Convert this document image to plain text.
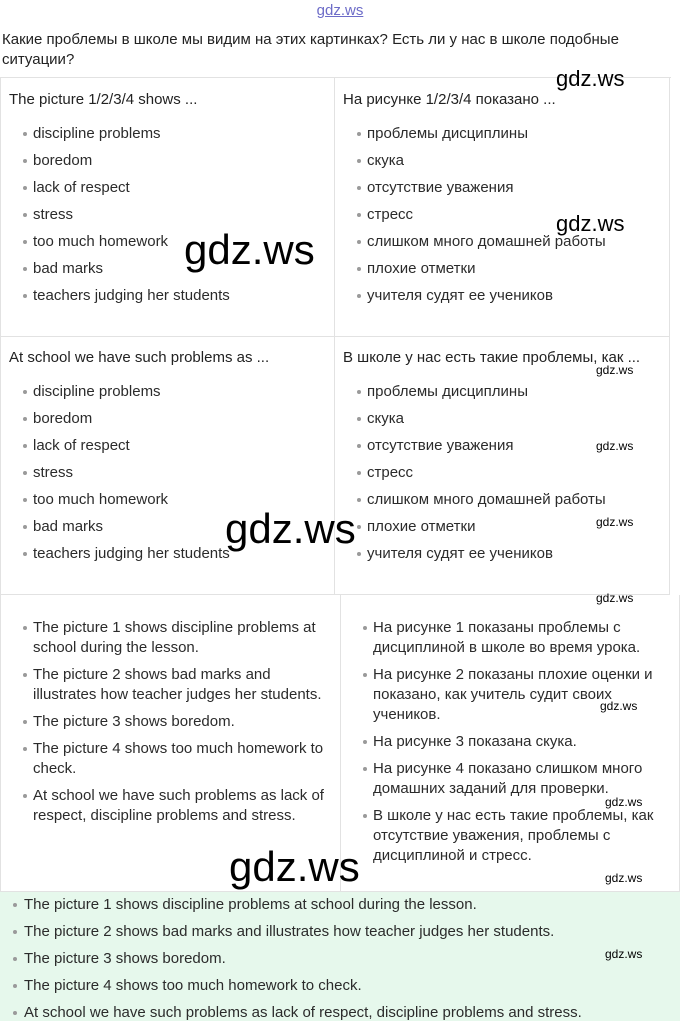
gdz.ws
Какие проблемы в школе мы видим на этих картинках? Есть ли у нас в школе подобные ситуации?
The picture 1/2/3/4 shows ...
discipline problems
boredom
lack of respect
stress
too much homework
bad marks
teachers judging her students
На рисунке 1/2/3/4 показано ...
проблемы дисциплины
скука
отсутствие уважения
стресс
слишком много домашней работы
плохие отметки
учителя судят ее учеников
At school we have such problems as ...
discipline problems
boredom
lack of respect
stress
too much homework
bad marks
teachers judging her students
В школе у нас есть такие проблемы, как ...
проблемы дисциплины
скука
отсутствие уважения
стресс
слишком много домашней работы
плохие отметки
учителя судят ее учеников
The picture 1 shows discipline problems at school during the lesson.
The picture 2 shows bad marks and illustrates how teacher judges her students.
The picture 3 shows boredom.
The picture 4 shows too much homework to check.
At school we have such problems as lack of respect, discipline problems and stress.
На рисунке 1 показаны проблемы с дисциплиной в школе во время урока.
На рисунке 2 показаны плохие оценки и показано, как учитель судит своих учеников.
На рисунке 3 показана скука.
На рисунке 4 показано слишком много домашних заданий для проверки.
В школе у нас есть такие проблемы, как отсутствие уважения, проблемы с дисциплиной и стресс.
The picture 1 shows discipline problems at school during the lesson.
The picture 2 shows bad marks and illustrates how teacher judges her students.
The picture 3 shows boredom.
The picture 4 shows too much homework to check.
At school we have such problems as lack of respect, discipline problems and stress.
gdz.ws
gdz.ws
gdz.ws
gdz.ws
gdz.ws
gdz.ws	gdz.ws
gdz.ws
gdz.ws
gdz.ws
gdz.ws	gdz.ws
gdz.ws
